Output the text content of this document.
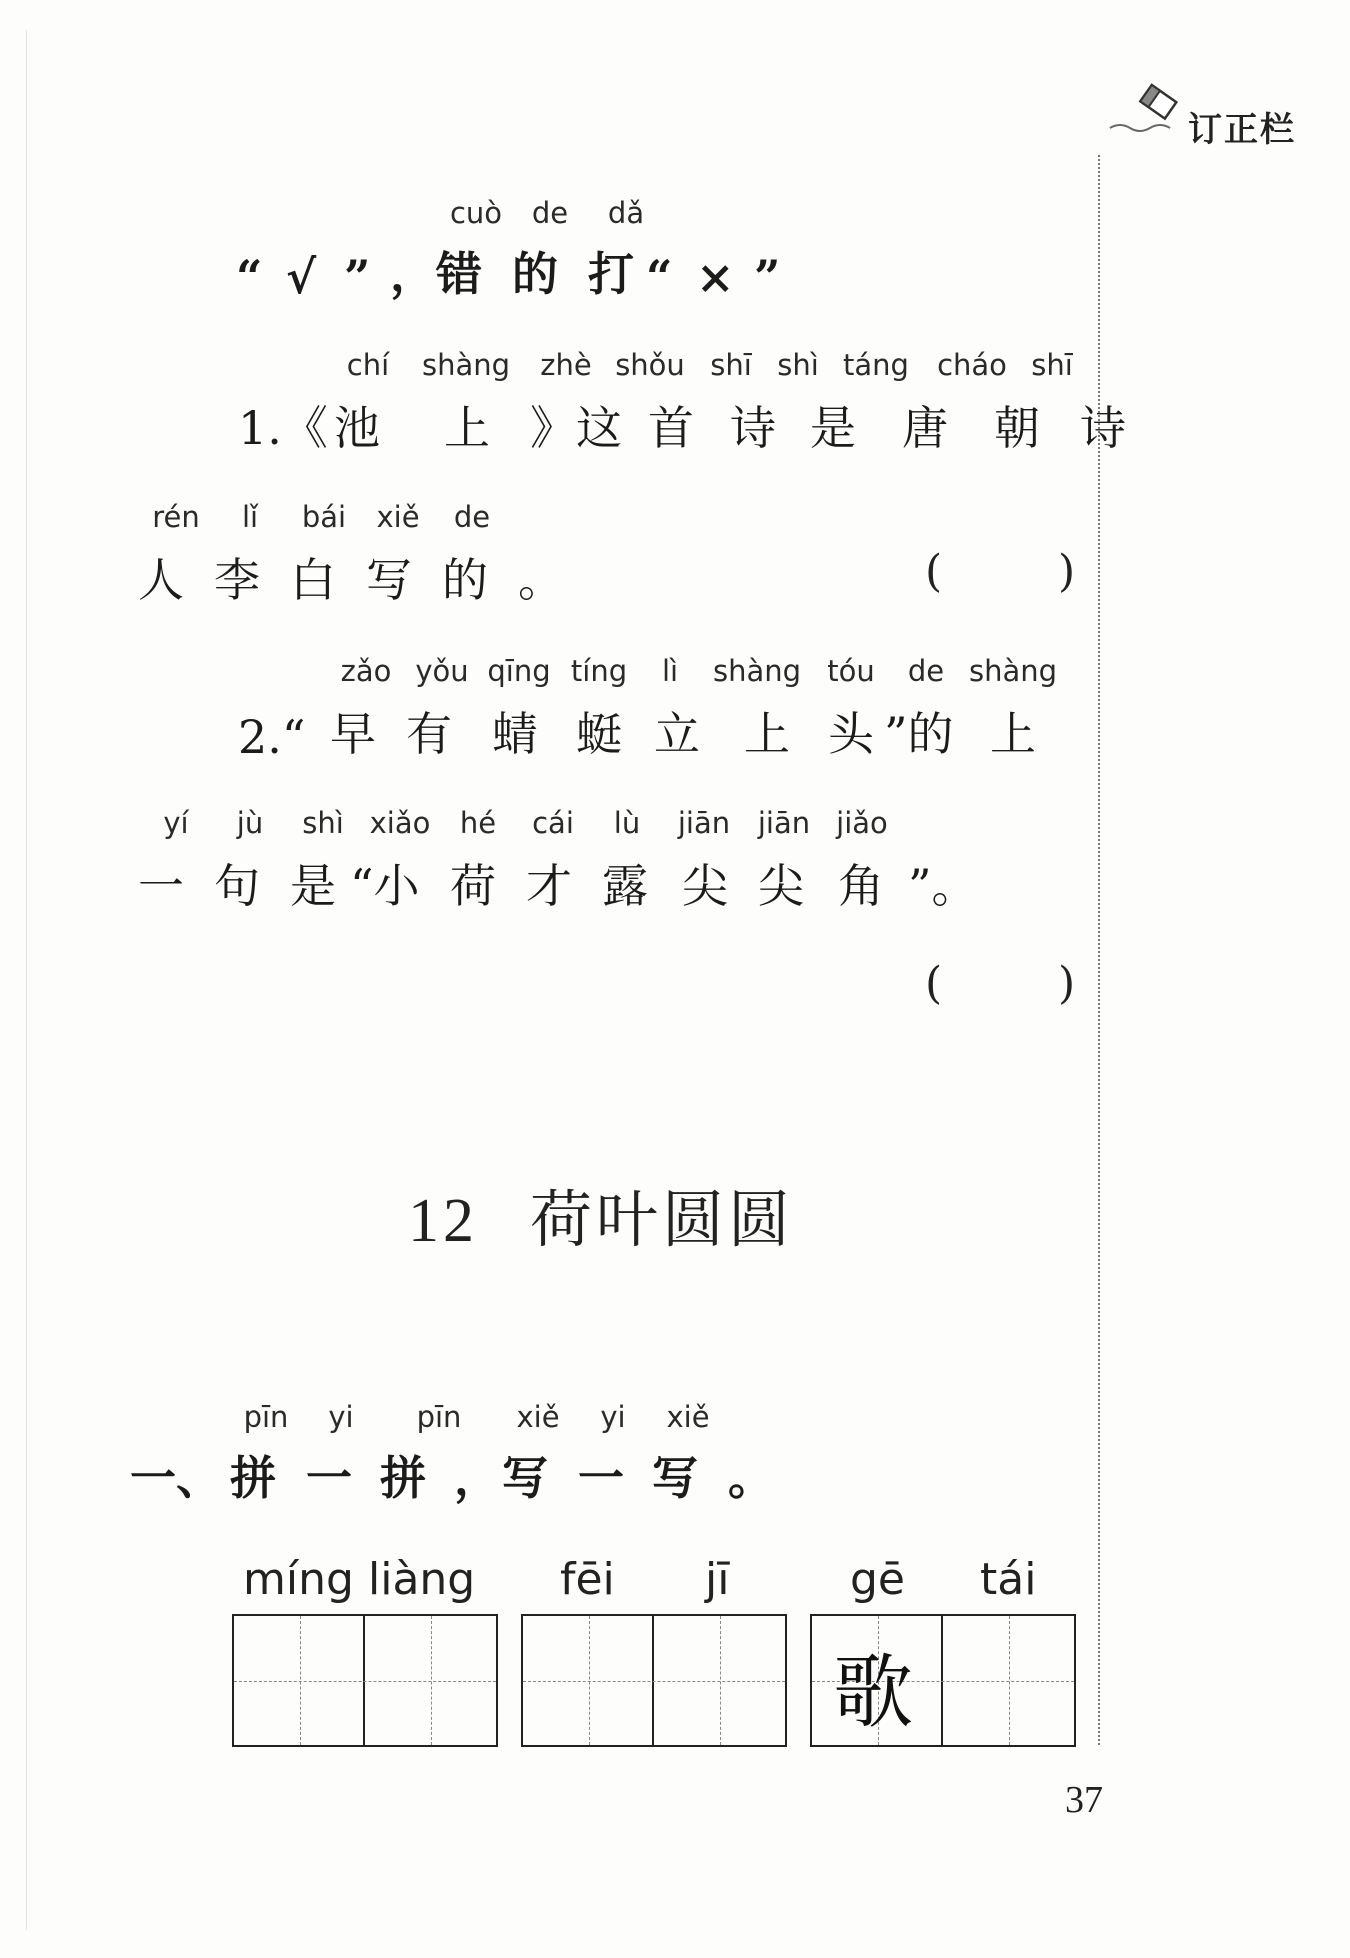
订正栏
cuò	de	dǎ
“ √ ” ， 错 的 打 “ × ”
chí	shàng	zhè shǒu shī shì táng cháo shī
1.《 池	上 》这 首 诗 是	唐	朝 诗
rén	lǐ	bái	xiě	de
人 李 白 写 的 。	(	)
zǎo yǒu qīng tíng	lì	shàng tóu	de shàng
2.“ 早 有 蜻 蜓 立 上 头 ”的 上
yí	jù	shì xiǎo	hé	cái	lù	jiān jiān jiǎo
一 句 是 “小 荷 才 露 尖 尖 角 ”。
(	)
12 荷叶圆圆
pīn	yi	pīn	xiě	yi	xiě
一、 拼 一 拼 ， 写 一 写 。
míng liàng fēi jī	gē tái
歌
37
